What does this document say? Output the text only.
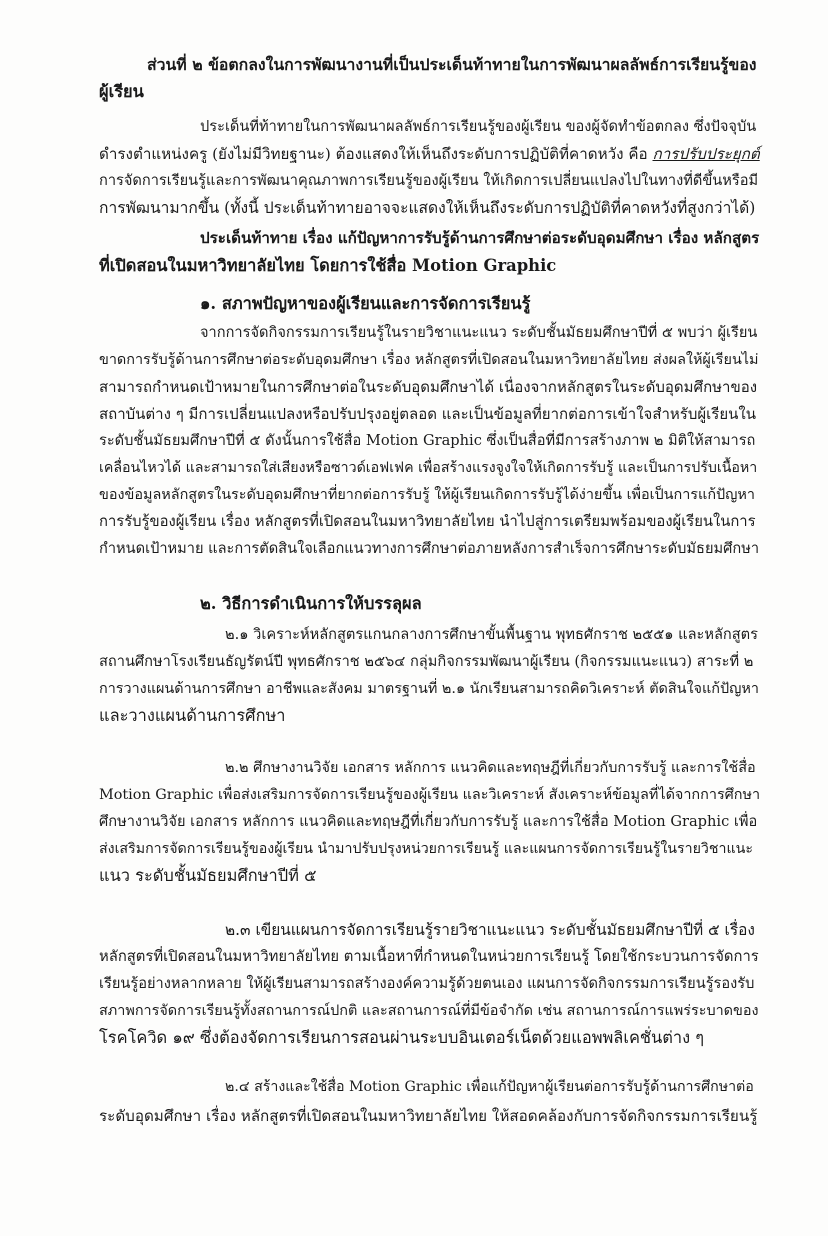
ส่วนที่ ๒ ข้อตกลงในการพัฒนางานที่เป็นประเด็นท้าทายในการพัฒนาผลลัพธ์การเรียนรู้ของ
ผู้เรียน
ประเด็นที่ท้าทายในการพัฒนาผลลัพธ์การเรียนรู้ของผู้เรียน ของผู้จัดทำข้อตกลง ซึ่งปัจจุบัน
ดำรงตำแหน่งครู (ยังไม่มีวิทยฐานะ) ต้องแสดงให้เห็นถึงระดับการปฏิบัติที่คาดหวัง คือ การปรับประยุกต์
การจัดการเรียนรู้และการพัฒนาคุณภาพการเรียนรู้ของผู้เรียน ให้เกิดการเปลี่ยนแปลงไปในทางที่ดีขึ้นหรือมี
การพัฒนามากขึ้น (ทั้งนี้ ประเด็นท้าทายอาจจะแสดงให้เห็นถึงระดับการปฏิบัติที่คาดหวังที่สูงกว่าได้)
ประเด็นท้าทาย เรื่อง แก้ปัญหาการรับรู้ด้านการศึกษาต่อระดับอุดมศึกษา เรื่อง หลักสูตร
ที่เปิดสอนในมหาวิทยาลัยไทย โดยการใช้สื่อ Motion Graphic
๑. สภาพปัญหาของผู้เรียนและการจัดการเรียนรู้
จากการจัดกิจกรรมการเรียนรู้ในรายวิชาแนะแนว ระดับชั้นมัธยมศึกษาปีที่ ๕ พบว่า ผู้เรียน
ขาดการรับรู้ด้านการศึกษาต่อระดับอุดมศึกษา เรื่อง หลักสูตรที่เปิดสอนในมหาวิทยาลัยไทย ส่งผลให้ผู้เรียนไม่
สามารถกำหนดเป้าหมายในการศึกษาต่อในระดับอุดมศึกษาได้ เนื่องจากหลักสูตรในระดับอุดมศึกษาของ
สถาบันต่าง ๆ มีการเปลี่ยนแปลงหรือปรับปรุงอยู่ตลอด และเป็นข้อมูลที่ยากต่อการเข้าใจสำหรับผู้เรียนใน
ระดับชั้นมัธยมศึกษาปีที่ ๕ ดังนั้นการใช้สื่อ Motion Graphic ซึ่งเป็นสื่อที่มีการสร้างภาพ ๒ มิติให้สามารถ
เคลื่อนไหวได้ และสามารถใส่เสียงหรือซาวด์เอฟเฟค เพื่อสร้างแรงจูงใจให้เกิดการรับรู้ และเป็นการปรับเนื้อหา
ของข้อมูลหลักสูตรในระดับอุดมศึกษาที่ยากต่อการรับรู้ ให้ผู้เรียนเกิดการรับรู้ได้ง่ายขึ้น เพื่อเป็นการแก้ปัญหา
การรับรู้ของผู้เรียน เรื่อง หลักสูตรที่เปิดสอนในมหาวิทยาลัยไทย นำไปสู่การเตรียมพร้อมของผู้เรียนในการ
กำหนดเป้าหมาย และการตัดสินใจเลือกแนวทางการศึกษาต่อภายหลังการสำเร็จการศึกษาระดับมัธยมศึกษา
๒. วิธีการดำเนินการให้บรรลุผล
๒.๑ วิเคราะห์หลักสูตรแกนกลางการศึกษาขั้นพื้นฐาน พุทธศักราช ๒๕๕๑ และหลักสูตร
สถานศึกษาโรงเรียนธัญรัตน์ปี พุทธศักราช ๒๕๖๔ กลุ่มกิจกรรมพัฒนาผู้เรียน (กิจกรรมแนะแนว) สาระที่ ๒
การวางแผนด้านการศึกษา อาชีพและสังคม มาตรฐานที่ ๒.๑ นักเรียนสามารถคิดวิเคราะห์ ตัดสินใจแก้ปัญหา
และวางแผนด้านการศึกษา
๒.๒ ศึกษางานวิจัย เอกสาร หลักการ แนวคิดและทฤษฎีที่เกี่ยวกับการรับรู้ และการใช้สื่อ
Motion Graphic เพื่อส่งเสริมการจัดการเรียนรู้ของผู้เรียน และวิเคราะห์ สังเคราะห์ข้อมูลที่ได้จากการศึกษา
ศึกษางานวิจัย เอกสาร หลักการ แนวคิดและทฤษฎีที่เกี่ยวกับการรับรู้ และการใช้สื่อ Motion Graphic เพื่อ
ส่งเสริมการจัดการเรียนรู้ของผู้เรียน นำมาปรับปรุงหน่วยการเรียนรู้ และแผนการจัดการเรียนรู้ในรายวิชาแนะ
แนว ระดับชั้นมัธยมศึกษาปีที่ ๕
๒.๓ เขียนแผนการจัดการเรียนรู้รายวิชาแนะแนว ระดับชั้นมัธยมศึกษาปีที่ ๕ เรื่อง
หลักสูตรที่เปิดสอนในมหาวิทยาลัยไทย ตามเนื้อหาที่กำหนดในหน่วยการเรียนรู้ โดยใช้กระบวนการจัดการ
เรียนรู้อย่างหลากหลาย ให้ผู้เรียนสามารถสร้างองค์ความรู้ด้วยตนเอง แผนการจัดกิจกรรมการเรียนรู้รองรับ
สภาพการจัดการเรียนรู้ทั้งสถานการณ์ปกติ และสถานการณ์ที่มีข้อจำกัด เช่น สถานการณ์การแพร่ระบาดของ
โรคโควิด ๑๙ ซึ่งต้องจัดการเรียนการสอนผ่านระบบอินเตอร์เน็ตด้วยแอพพลิเคชั่นต่าง ๆ
๒.๔ สร้างและใช้สื่อ Motion Graphic เพื่อแก้ปัญหาผู้เรียนต่อการรับรู้ด้านการศึกษาต่อ
ระดับอุดมศึกษา เรื่อง หลักสูตรที่เปิดสอนในมหาวิทยาลัยไทย ให้สอดคล้องกับการจัดกิจกรรมการเรียนรู้
